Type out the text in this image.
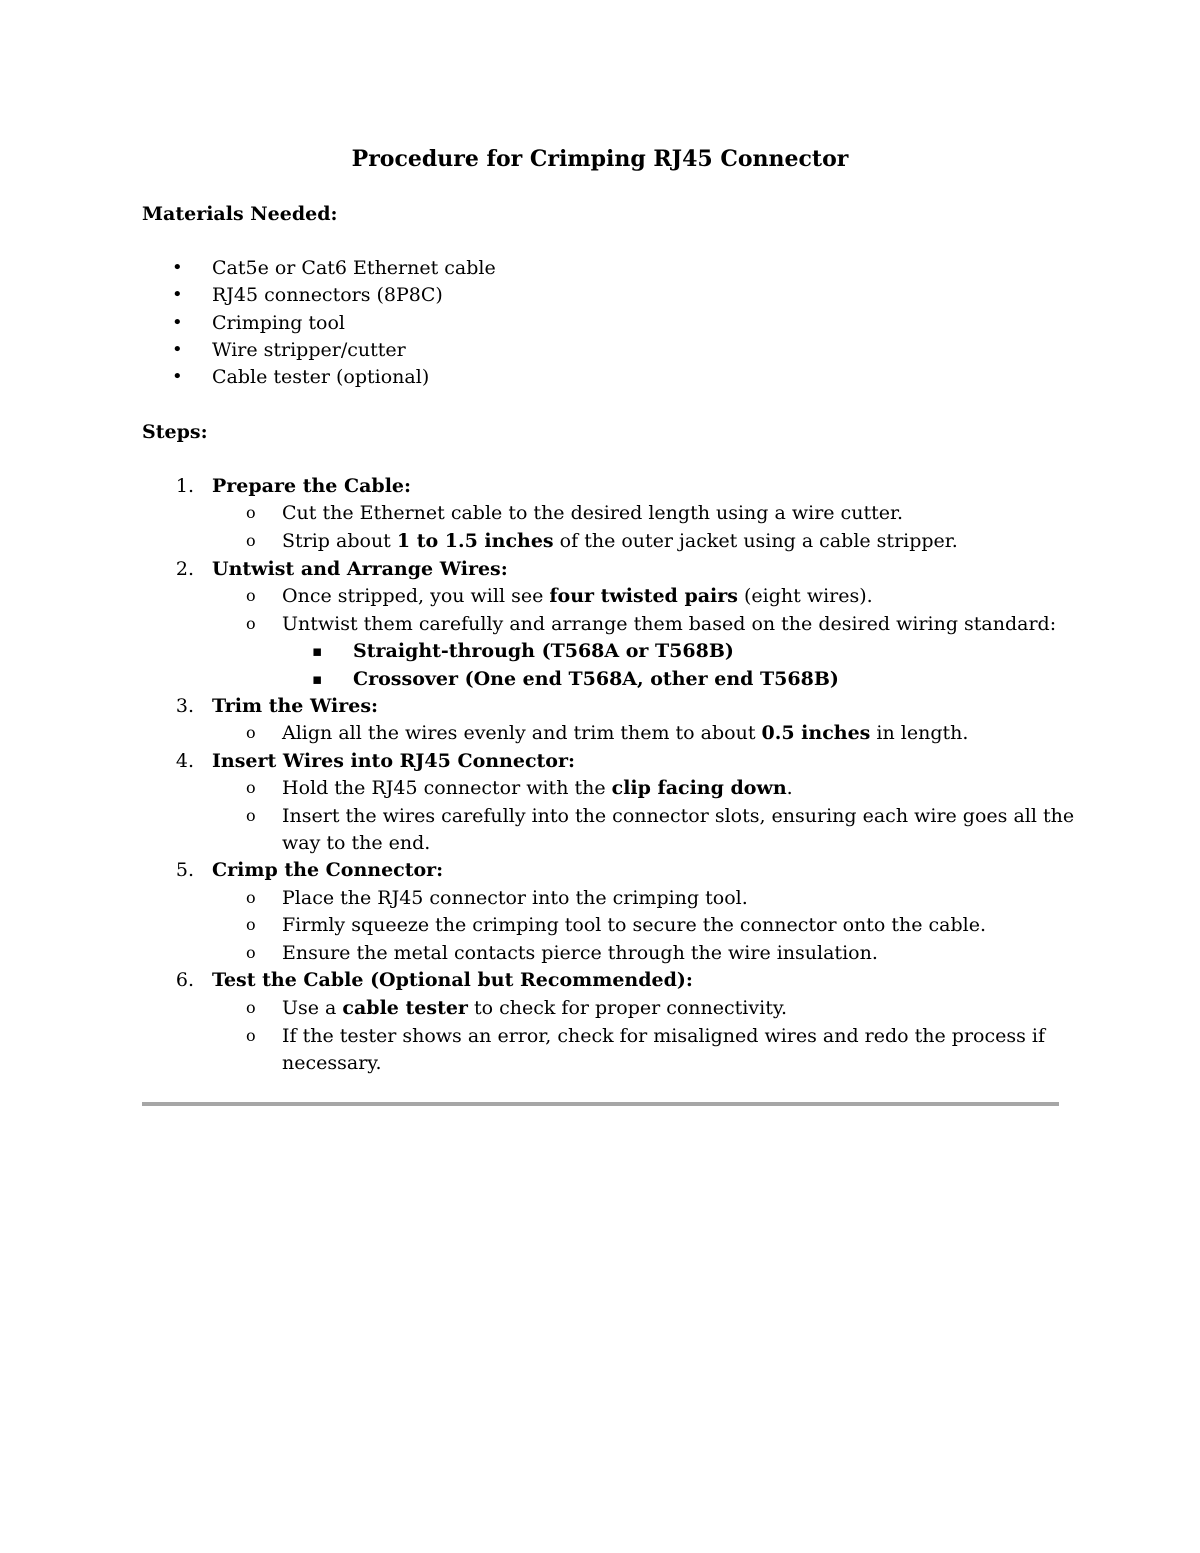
Procedure for Crimping RJ45 Connector
Materials Needed:
• Cat5e or Cat6 Ethernet cable
• RJ45 connectors (8P8C)
• Crimping tool
• Wire stripper/cutter
• Cable tester (optional)
Steps:
1. Prepare the Cable:
o	Cut the Ethernet cable to the desired length using a wire cutter.
o	Strip about 1 to 1.5 inches of the outer jacket using a cable stripper.
2. Untwist and Arrange Wires:
o	Once stripped, you will see four twisted pairs (eight wires).
o	Untwist them carefully and arrange them based on the desired wiring standard:
▪	Straight-through (T568A or T568B)
▪	Crossover (One end T568A, other end T568B)
3. Trim the Wires:
o	Align all the wires evenly and trim them to about 0.5 inches in length.
4. Insert Wires into RJ45 Connector:
o	Hold the RJ45 connector with the clip facing down.
o	Insert the wires carefully into the connector slots, ensuring each wire goes all the
way to the end.
5. Crimp the Connector:
o	Place the RJ45 connector into the crimping tool.
o	Firmly squeeze the crimping tool to secure the connector onto the cable.
o	Ensure the metal contacts pierce through the wire insulation.
6. Test the Cable (Optional but Recommended):
o	Use a cable tester to check for proper connectivity.
o	If the tester shows an error, check for misaligned wires and redo the process if
necessary.
